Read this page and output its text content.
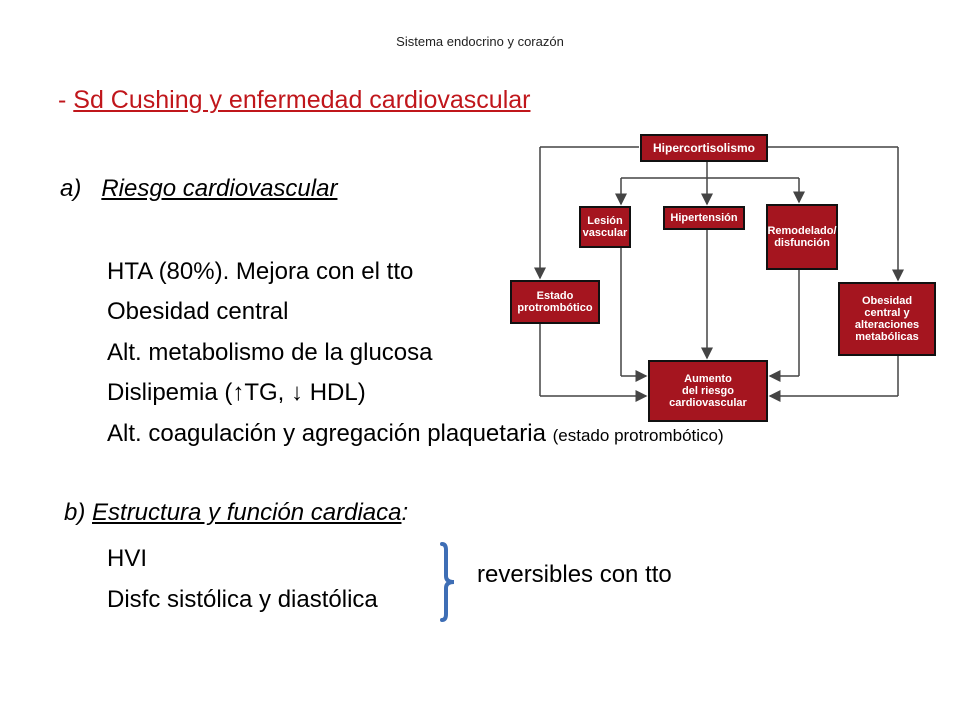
Sistema endocrino y corazón
- Sd Cushing y enfermedad cardiovascular
a) Riesgo cardiovascular
HTA (80%). Mejora con el tto
Obesidad central
Alt. metabolismo de la glucosa
Dislipemia (↑TG, ↓ HDL)
Alt. coagulación y agregación plaquetaria (estado protrombótico)
b) Estructura y función cardiaca:
HVI
Disfc sistólica y diastólica
reversibles con tto
Hipercortisolismo
Lesión
vascular
Hipertensión
Remodelado/
disfunción
Estado
protrombótico
Obesidad
central y
alteraciones
metabólicas
Aumento
del riesgo
cardiovascular
